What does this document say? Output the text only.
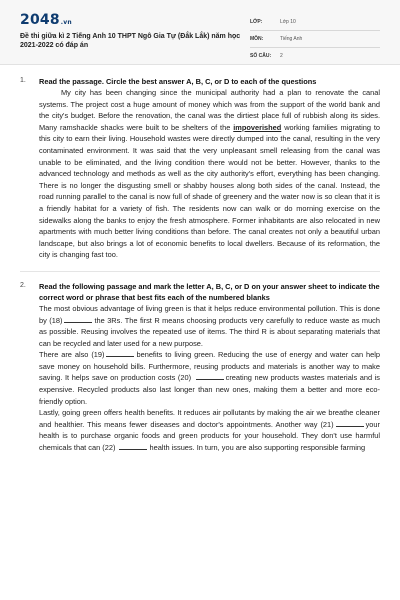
2048.vn
Đề thi giữa kì 2 Tiếng Anh 10 THPT Ngô Gia Tự (Đắk Lắk) năm học 2021-2022 có đáp án
LỚP:	Lớp 10
MÔN:	Tiếng Anh
SỐ CÂU:	2
1. Read the passage. Circle the best answer A, B, C, or D to each of the questions
My city has been changing since the municipal authority had a plan to renovate the canal systems. The project cost a huge amount of money which was from the support of the world bank and the city's budget. Before the renovation, the canal was the dirtiest place full of rubbish along its sides. Many ramshackle shacks were built to be shelters of the impoverished working families migrating to this city to earn their living. Household wastes were directly dumped into the canal, resulting in the very contaminated environment. It was said that the very unpleasant smell releasing from the canal was unable to be eliminated, and the living condition there would not be better. However, thanks to the advanced technology and methods as well as the city authority's effort, everything has been changing. There is no longer the disgusting smell or shabby houses along both sides of the canal. Instead, the road running parallel to the canal is now full of shade of greenery and the water now is so clean that it is a friendly habitat for a variety of fish. The residents now can walk or do morning exercise on the sidewalks along the banks to enjoy the fresh atmosphere. Former inhabitants are also relocated in new apartments with much better living conditions than before. The canal creates not only a beautiful urban landscape, but also brings a lot of economic benefits to local dwellers. Because of its reformation, the city is changing fast too.
2. Read the following passage and mark the letter A, B, C, or D on your answer sheet to indicate the correct word or phrase that best fits each of the numbered blanks

The most obvious advantage of living green is that it helps reduce environmental pollution. This is done by (18)	the 3Rs. The first R means choosing products very carefully to reduce waste as much as possible. Reusing involves the repeated use of items. The third R is about separating materials that can be recycled and later used for a new purpose.

There are also (19)	benefits to living green. Reducing the use of energy and water can help save money on household bills. Furthermore, reusing products and materials is another way to make saving. It helps save on production costs (20)	creating new products wastes materials and is expensive. Recycled products also last longer than new ones, making them a better and more eco-friendly option.

Lastly, going green offers health benefits. It reduces air pollutants by making the air we breathe cleaner and healthier. This means fewer diseases and doctor's appointments. Another way (21)	your health is to purchase organic foods and green products for your household. They don't use harmful chemicals that can (22)	health issues. In turn, you are also supporting responsible farming
